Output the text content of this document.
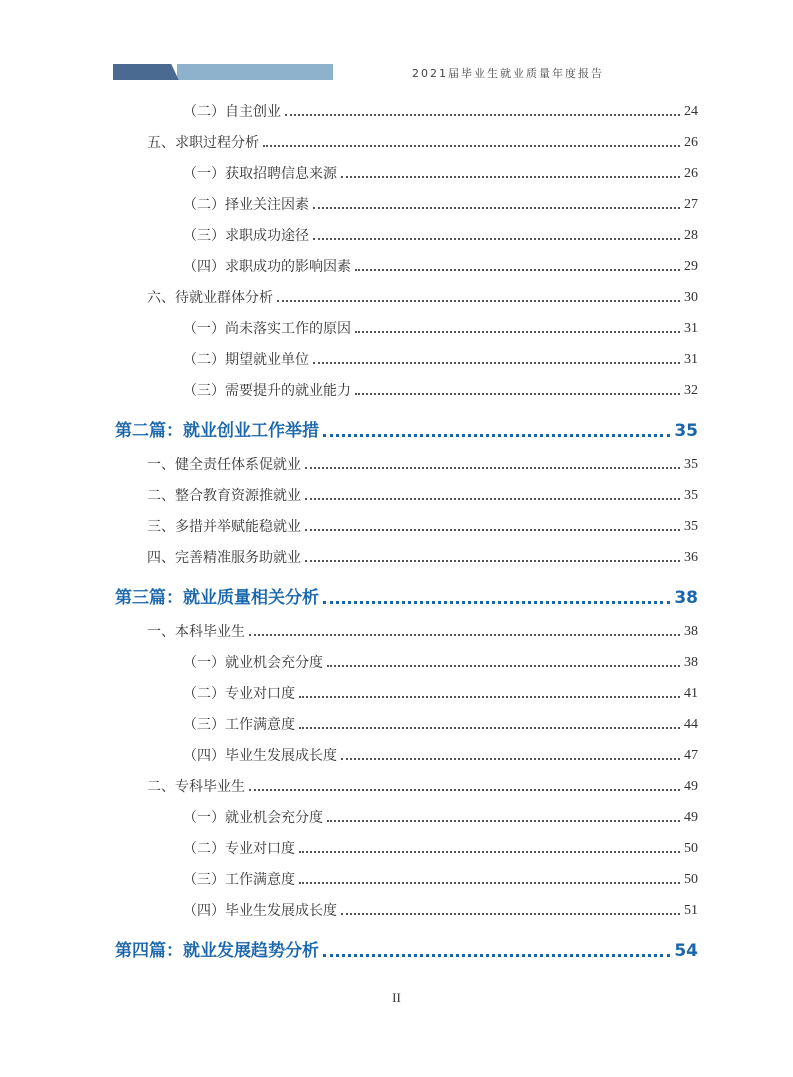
2021届毕业生就业质量年度报告
（二）自主创业	24
五、求职过程分析	26
（一）获取招聘信息来源	26
（二）择业关注因素	27
（三）求职成功途径	28
（四）求职成功的影响因素	29
六、待就业群体分析	30
（一）尚未落实工作的原因	31
（二）期望就业单位	31
（三）需要提升的就业能力	32
第二篇：就业创业工作举措	35
一、健全责任体系促就业	35
二、整合教育资源推就业	35
三、多措并举赋能稳就业	35
四、完善精准服务助就业	36
第三篇：就业质量相关分析	38
一、本科毕业生	38
（一）就业机会充分度	38
（二）专业对口度	41
（三）工作满意度	44
（四）毕业生发展成长度	47
二、专科毕业生	49
（一）就业机会充分度	49
（二）专业对口度	50
（三）工作满意度	50
（四）毕业生发展成长度	51
第四篇：就业发展趋势分析	54
II
